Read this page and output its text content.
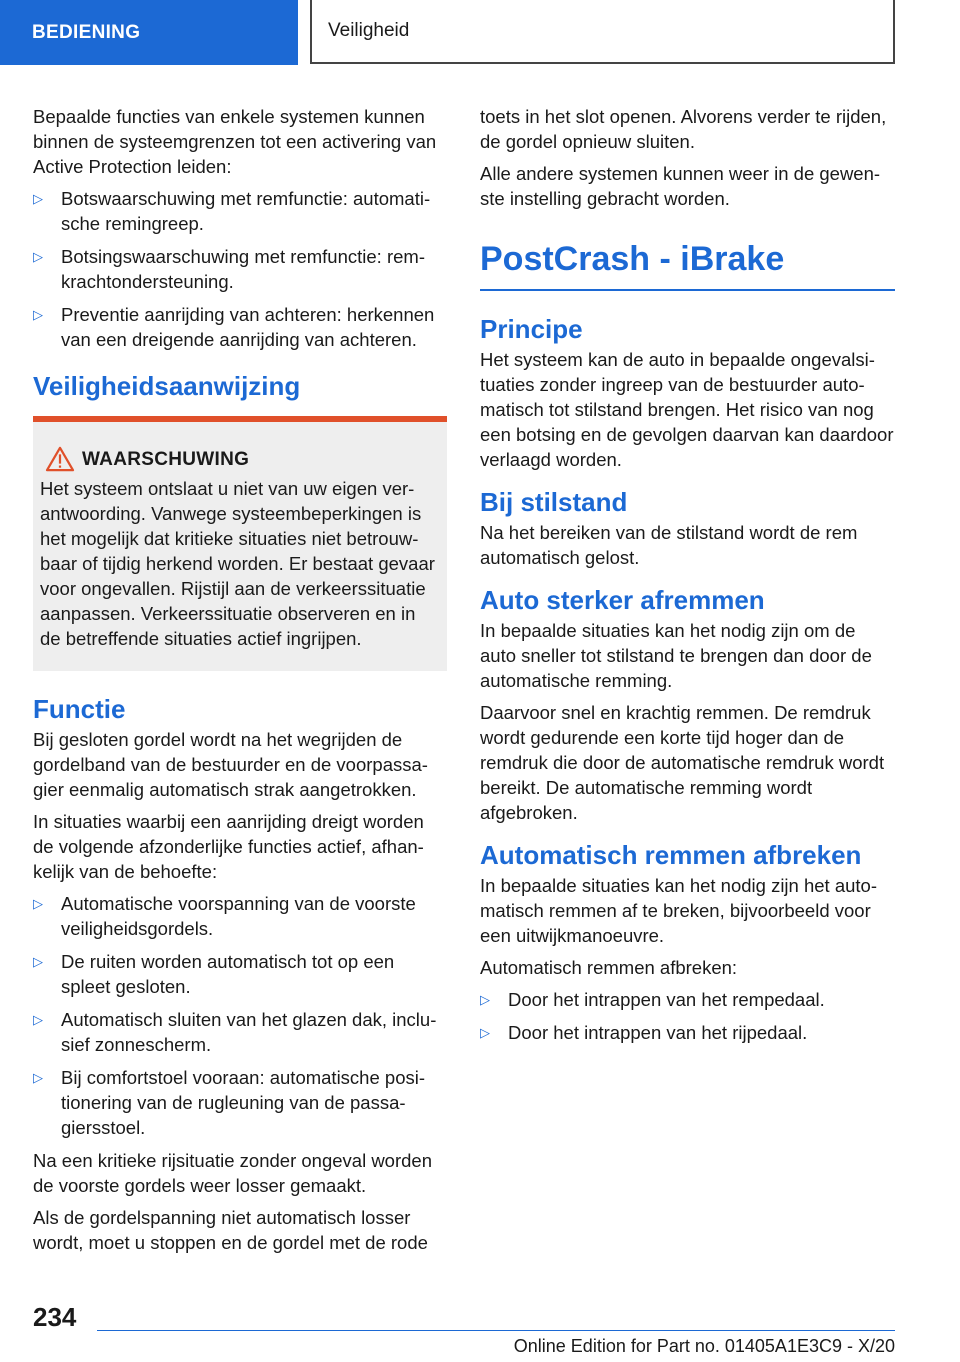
BEDIENING	Veiligheid

Bepaalde functies van enkele systemen kunnen binnen de systeemgrenzen tot een activering van Active Protection leiden:

▷ Botswaarschuwing met remfunctie: automatische remingreep.
▷ Botsingswaarschuwing met remfunctie: remkrachtondersteuning.
▷ Preventie aanrijding van achteren: herkennen van een dreigende aanrijding van achteren.
Veiligheidsaanwijzing
WAARSCHUWING
Het systeem ontslaat u niet van uw eigen verantwoording. Vanwege systeembeperkingen is het mogelijk dat kritieke situaties niet betrouwbaar of tijdig herkend worden. Er bestaat gevaar voor ongevallen. Rijstijl aan de verkeerssituatie aanpassen. Verkeerssituatie observeren en in de betreffende situaties actief ingrijpen.
Functie

Bij gesloten gordel wordt na het wegrijden de gordelband van de bestuurder en de voorpassagier eenmalig automatisch strak aangetrokken.

In situaties waarbij een aanrijding dreigt worden de volgende afzonderlijke functies actief, afhankelijk van de behoefte:

▷ Automatische voorspanning van de voorste veiligheidsgordels.
▷ De ruiten worden automatisch tot op een spleet gesloten.
▷ Automatisch sluiten van het glazen dak, inclusief zonnescherm.
▷ Bij comfortstoel vooraan: automatische positionering van de rugleuning van de passagiersstoel.

Na een kritieke rijsituatie zonder ongeval worden de voorste gordels weer losser gemaakt.

Als de gordelspanning niet automatisch losser wordt, moet u stoppen en de gordel met de rode

toets in het slot openen. Alvorens verder te rijden, de gordel opnieuw sluiten.

Alle andere systemen kunnen weer in de gewenste instelling gebracht worden.

PostCrash - iBrake
Principe

Het systeem kan de auto in bepaalde ongevalsituaties zonder ingreep van de bestuurder automatisch tot stilstand brengen. Het risico van nog een botsing en de gevolgen daarvan kan daardoor verlaagd worden.

Bij stilstand

Na het bereiken van de stilstand wordt de rem automatisch gelost.

Auto sterker afremmen

In bepaalde situaties kan het nodig zijn om de auto sneller tot stilstand te brengen dan door de automatische remming.

Daarvoor snel en krachtig remmen. De remdruk wordt gedurende een korte tijd hoger dan de remdruk die door de automatische remdruk wordt bereikt. De automatische remming wordt afgebroken.

Automatisch remmen afbreken

In bepaalde situaties kan het nodig zijn het automatisch remmen af te breken, bijvoorbeeld voor een uitwijkmanoeuvre.

Automatisch remmen afbreken:

▷ Door het intrappen van het rempedaal.
▷ Door het intrappen van het rijpedaal.
234
Online Edition for Part no. 01405A1E3C9 - X/20
